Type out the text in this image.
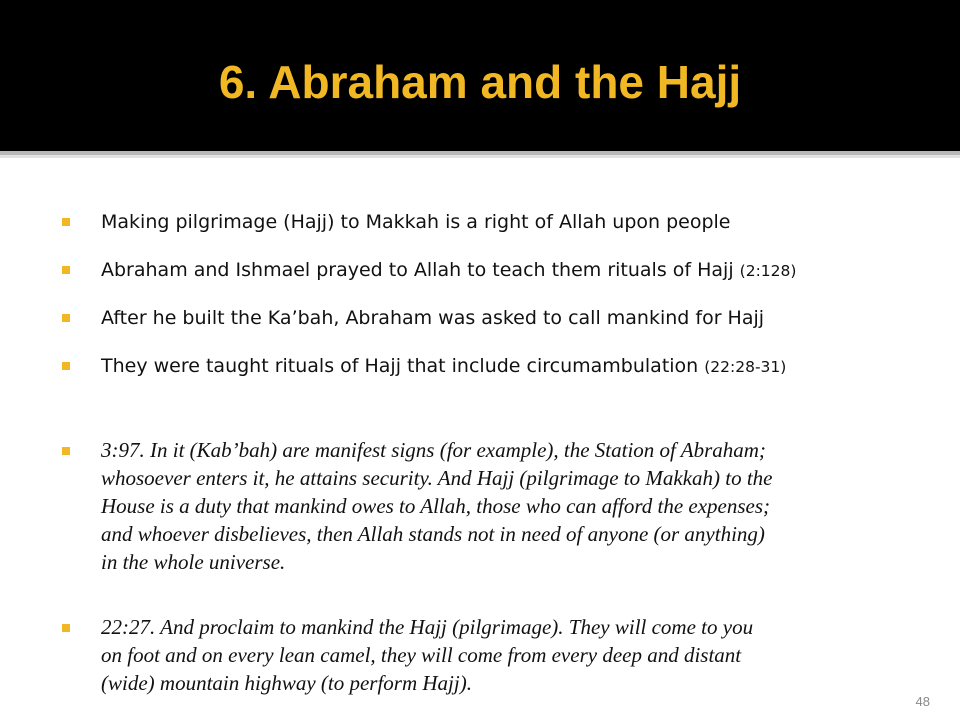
6. Abraham and the Hajj
Making pilgrimage (Hajj) to Makkah is a right of Allah upon people
Abraham and Ishmael prayed to Allah to teach them rituals of Hajj (2:128)
After he built the Ka’bah, Abraham was asked to call mankind for Hajj
They were taught rituals of Hajj that include circumambulation (22:28-31)
3:97. In it (Kab’bah) are manifest signs (for example), the Station of Abraham;
whosoever enters it, he attains security. And Hajj (pilgrimage to Makkah) to the
House is a duty that mankind owes to Allah, those who can afford the expenses;
and whoever disbelieves, then Allah stands not in need of anyone (or anything)
in the whole universe.
22:27. And proclaim to mankind the Hajj (pilgrimage). They will come to you
on foot and on every lean camel, they will come from every deep and distant
(wide) mountain highway (to perform Hajj).
48
